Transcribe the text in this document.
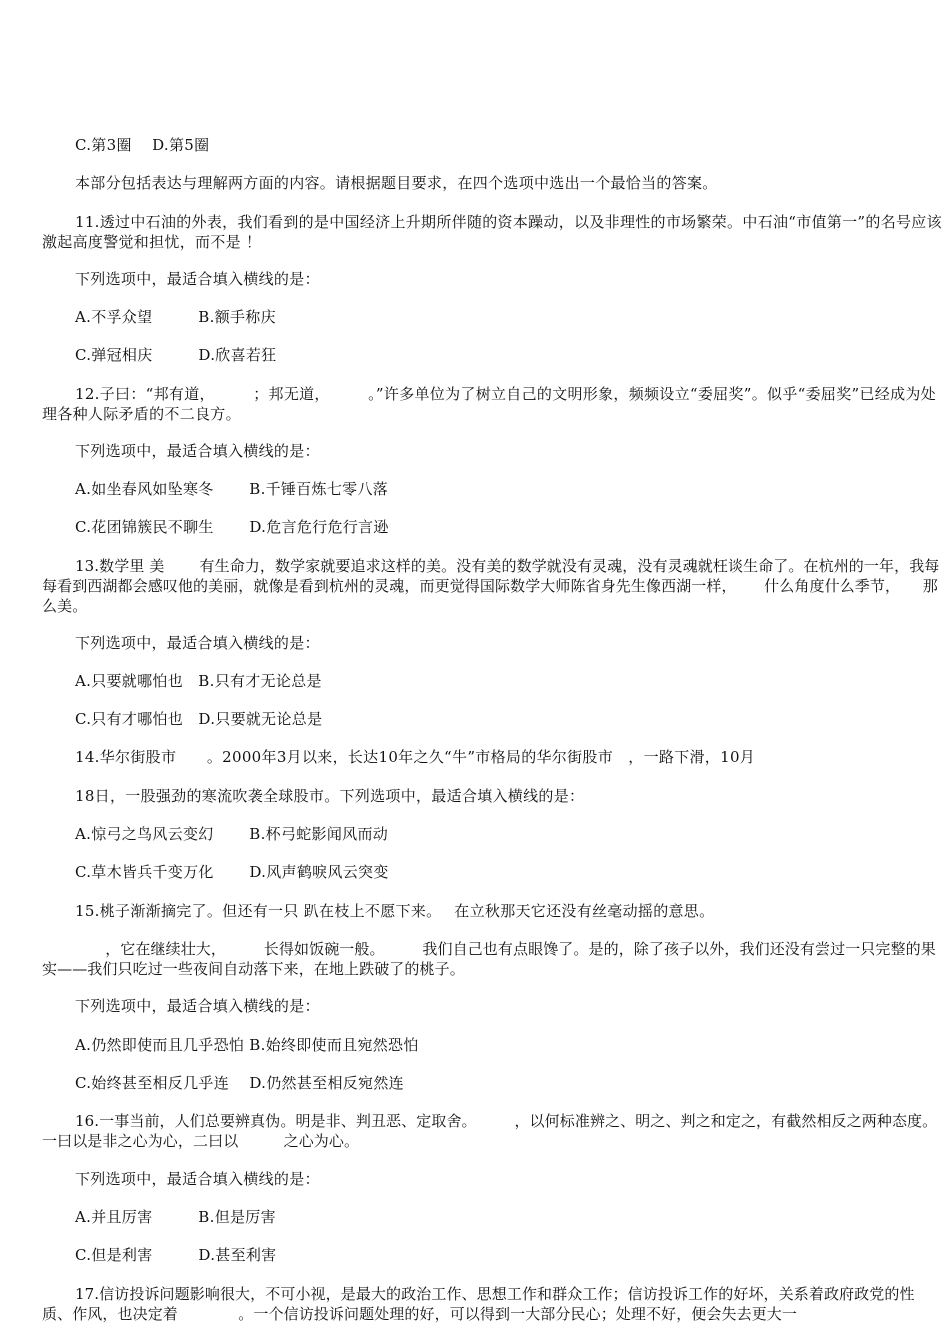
C.第3圈　 D.第5圈

本部分包括表达与理解两方面的内容。请根据题目要求，在四个选项中选出一个最恰当的答案。

11.透过中石油的外表，我们看到的是中国经济上升期所伴随的资本躁动，以及非理性的市场繁荣。中石油“市值第一”的名号应该激起高度警觉和担忧，而不是 ！

下列选项中，最适合填入横线的是：

A.不孚众望　　　B.额手称庆

C.弹冠相庆　　　D.欣喜若狂

12.子曰：“邦有道，　　　；邦无道，　　　。”许多单位为了树立自己的文明形象，频频设立“委屈奖”。似乎“委屈奖”已经成为处理各种人际矛盾的不二良方。

下列选项中，最适合填入横线的是：

A.如坐春风如坠寒冬　　 B.千锤百炼七零八落

C.花团锦簇民不聊生　　 D.危言危行危行言逊

13.数学里 美　　 有生命力，数学家就要追求这样的美。没有美的数学就没有灵魂，没有灵魂就枉谈生命了。在杭州的一年，我每每看到西湖都会感叹他的美丽，就像是看到杭州的灵魂，而更觉得国际数学大师陈省身先生像西湖一样，　　 什么角度什么季节，　　那么美。

下列选项中，最适合填入横线的是：

A.只要就哪怕也　B.只有才无论总是

C.只有才哪怕也　D.只要就无论总是

14.华尔街股市　　。2000年3月以来，长达10年之久“牛”市格局的华尔街股市　，一路下滑，10月

18日，一股强劲的寒流吹袭全球股市。下列选项中，最适合填入横线的是：

A.惊弓之鸟风云变幻　　 B.杯弓蛇影闻风而动

C.草木皆兵千变万化　　 D.风声鹤唳风云突变

15.桃子渐渐摘完了。但还有一只 趴在枝上不愿下来。　 在立秋那天它还没有丝毫动摇的意思。

　　，它在继续壮大，　　　长得如饭碗一般。　　　我们自己也有点眼馋了。是的，除了孩子以外，我们还没有尝过一只完整的果实——我们只吃过一些夜间自动落下来，在地上跌破了的桃子。

下列选项中，最适合填入横线的是：

A.仍然即使而且几乎恐怕 B.始终即使而且宛然恐怕

C.始终甚至相反几乎连　 D.仍然甚至相反宛然连

16.一事当前，人们总要辨真伪。明是非、判丑恶、定取舍。　　　，以何标准辨之、明之、判之和定之，有截然相反之两种态度。一曰以是非之心为心，二曰以　　　之心为心。

下列选项中，最适合填入横线的是：

A.并且厉害　　　B.但是厉害

C.但是利害　　　D.甚至利害

17.信访投诉问题影响很大，不可小视，是最大的政治工作、思想工作和群众工作；信访投诉工作的好坏，关系着政府政党的性质、作风，也决定着　　　　。一个信访投诉问题处理的好，可以得到一大部分民心；处理不好，便会失去更大一
